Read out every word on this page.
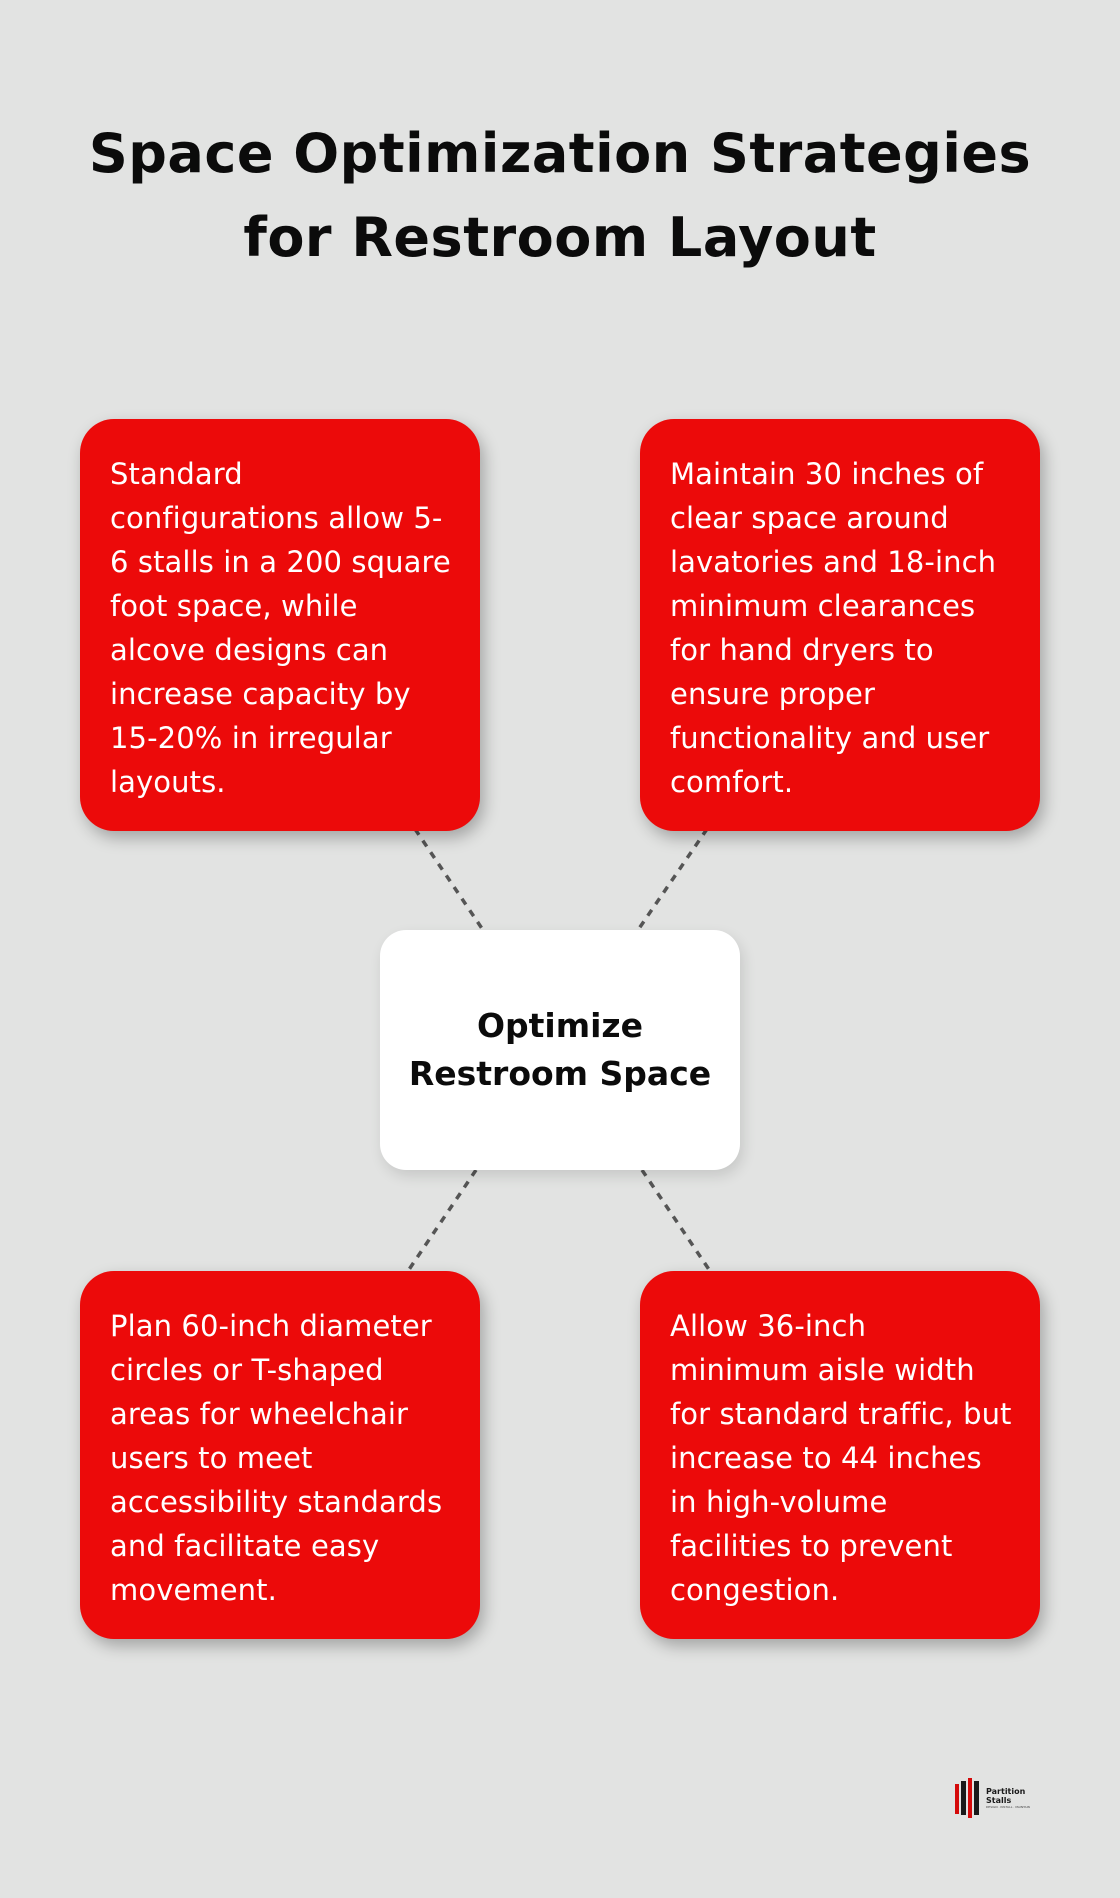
Space Optimization Strategies
for Restroom Layout
Standard configurations allow 5-6 stalls in a 200 square foot space, while alcove designs can increase capacity by 15-20% in irregular layouts.
Maintain 30 inches of clear space around lavatories and 18-inch minimum clearances for hand dryers to ensure proper functionality and user comfort.
Optimize
Restroom Space
Plan 60-inch diameter circles or T-shaped areas for wheelchair users to meet accessibility standards and facilitate easy movement.
Allow 36-inch minimum aisle width for standard traffic, but increase to 44 inches in high-volume facilities to prevent congestion.
Partition
Stalls
DESIGN · INSTALL · MAINTAIN
